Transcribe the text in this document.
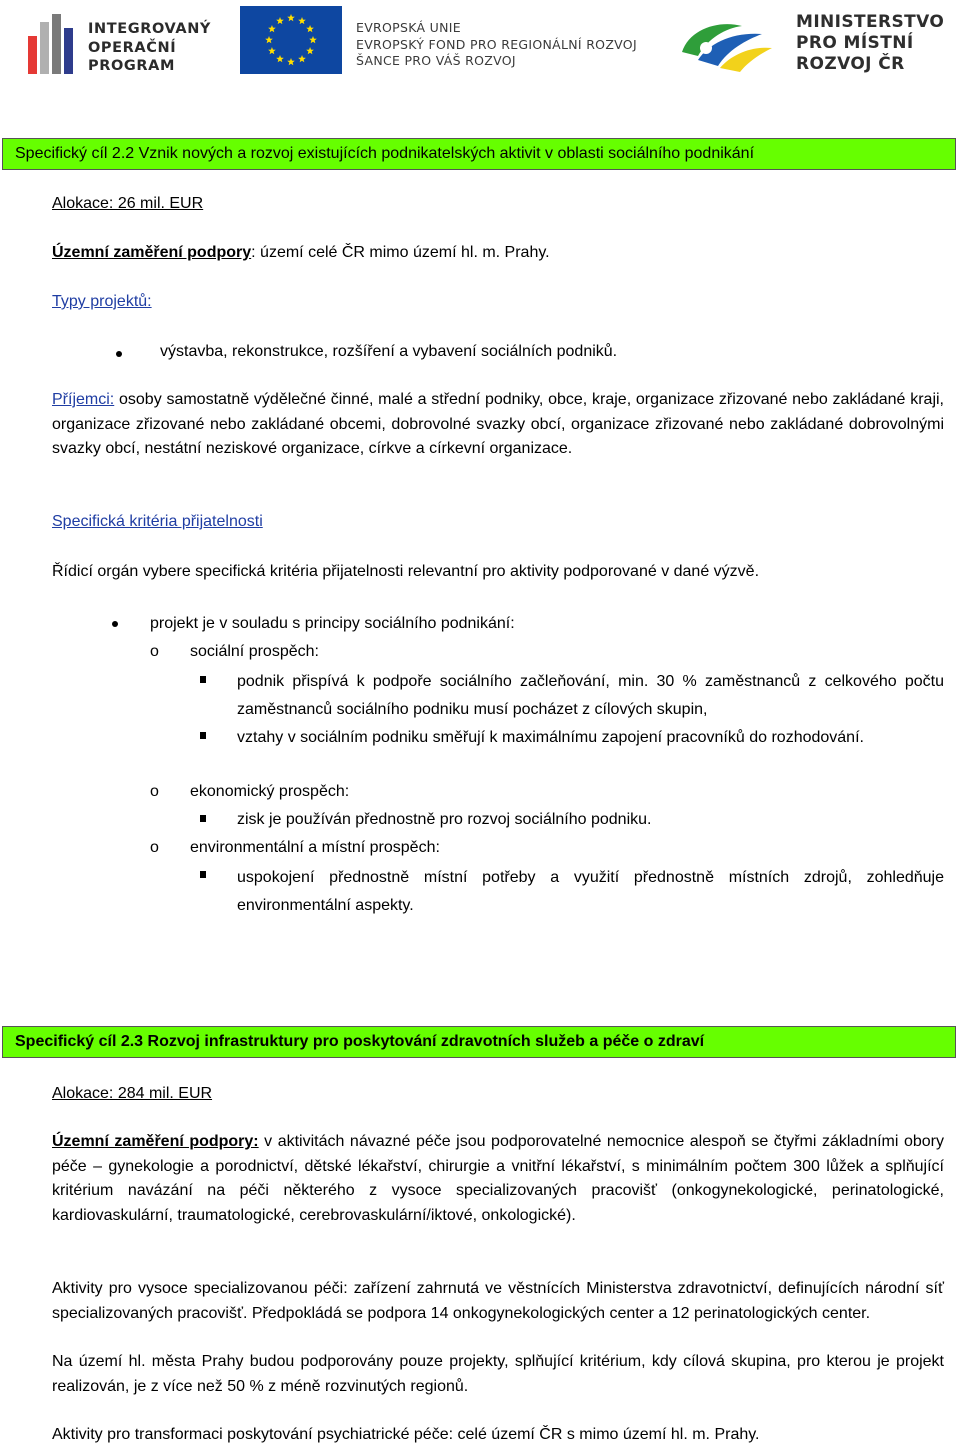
INTEGROVANÝ
OPERAČNÍ
PROGRAM
EVROPSKÁ UNIE
EVROPSKÝ FOND PRO REGIONÁLNÍ ROZVOJ
ŠANCE PRO VÁŠ ROZVOJ
MINISTERSTVO
PRO MÍSTNÍ
ROZVOJ ČR
Specifický cíl 2.2 Vznik nových a rozvoj existujících podnikatelských aktivit v oblasti sociálního podnikání
Alokace: 26 mil. EUR
Územní zaměření podpory: území celé ČR mimo území hl. m. Prahy.
Typy projektů:
výstavba, rekonstrukce, rozšíření a vybavení sociálních podniků.
Příjemci: osoby samostatně výdělečné činné, malé a střední podniky, obce, kraje, organizace zřizované nebo zakládané kraji, organizace zřizované nebo zakládané obcemi, dobrovolné svazky obcí, organizace zřizované nebo zakládané dobrovolnými svazky obcí, nestátní neziskové organizace, církve a církevní organizace.
Specifická kritéria přijatelnosti
Řídicí orgán vybere specifická kritéria přijatelnosti relevantní pro aktivity podporované v dané výzvě.
projekt je v souladu s principy sociálního podnikání:
o sociální prospěch:
podnik přispívá k podpoře sociálního začleňování, min. 30 % zaměstnanců z celkového počtu zaměstnanců sociálního podniku musí pocházet z cílových skupin,
vztahy v sociálním podniku směřují k maximálnímu zapojení pracovníků do rozhodování.
o ekonomický prospěch:
zisk je používán přednostně pro rozvoj sociálního podniku.
o environmentální a místní prospěch:
uspokojení přednostně místní potřeby a využití přednostně místních zdrojů, zohledňuje environmentální aspekty.
Specifický cíl 2.3 Rozvoj infrastruktury pro poskytování zdravotních služeb a péče o zdraví
Alokace: 284 mil. EUR
Územní zaměření podpory: v aktivitách návazné péče jsou podporovatelné nemocnice alespoň se čtyřmi základními obory péče – gynekologie a porodnictví, dětské lékařství, chirurgie a vnitřní lékařství, s minimálním počtem 300 lůžek a splňující kritérium navázání na péči některého z vysoce specializovaných pracovišť (onkogynekologické, perinatologické, kardiovaskulární, traumatologické, cerebrovaskulární/iktové, onkologické).
Aktivity pro vysoce specializovanou péči: zařízení zahrnutá ve věstnících Ministerstva zdravotnictví, definujících národní síť specializovaných pracovišť. Předpokládá se podpora 14 onkogynekologických center a 12 perinatologických center.
Na území hl. města Prahy budou podporovány pouze projekty, splňující kritérium, kdy cílová skupina, pro kterou je projekt realizován, je z více než 50 % z méně rozvinutých regionů.
Aktivity pro transformaci poskytování psychiatrické péče: celé území ČR s mimo území hl. m. Prahy.
